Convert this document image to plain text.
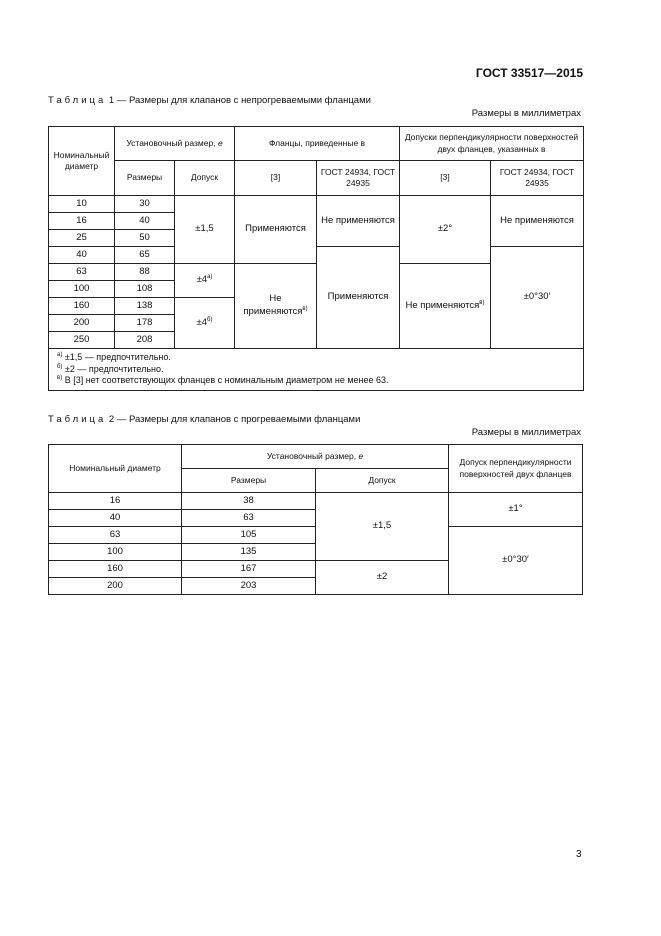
ГОСТ 33517—2015
Таблица 1 — Размеры для клапанов с непрогреваемыми фланцами
Размеры в миллиметрах
Номинальный диаметр	Установочный размер, е		Фланцы, приведенные в		Допуски перпендикулярности поверхностей двух фланцев, указанных в	
	Размеры	Допуск	[3]	ГОСТ 24934, ГОСТ 24935	[3]	ГОСТ 24934, ГОСТ 24935
10	30	±1,5	Применяются	Не применяются	±2°	Не применяются
16	40					
25	50					
40	65			Применяются		±0°30′
63	88	$\pm 4^{а)}$	Не применяются$^{в)}$		Не применяются$^{в)}$
100	108					
160	138	$\pm 4^{б)}$
200	178					
250	208					

$^{а)}$ ±1,5 — предпочтительно.
$^{б)}$ ±2 — предпочтительно.
$^{в)}$ В [3] нет соответствующих фланцев с номинальным диаметром не менее 63.						
Таблица 2 — Размеры для клапанов с прогреваемыми фланцами
Размеры в миллиметрах
Номинальный диаметр	Установочный размер, е		Допуск перпендикулярности поверхностей двух фланцев
	Размеры	Допуск	
16	38	±1,5	±1°
40	63		
63	105		±0°30′
100	135		
160	167	±2	
200	203		
3
